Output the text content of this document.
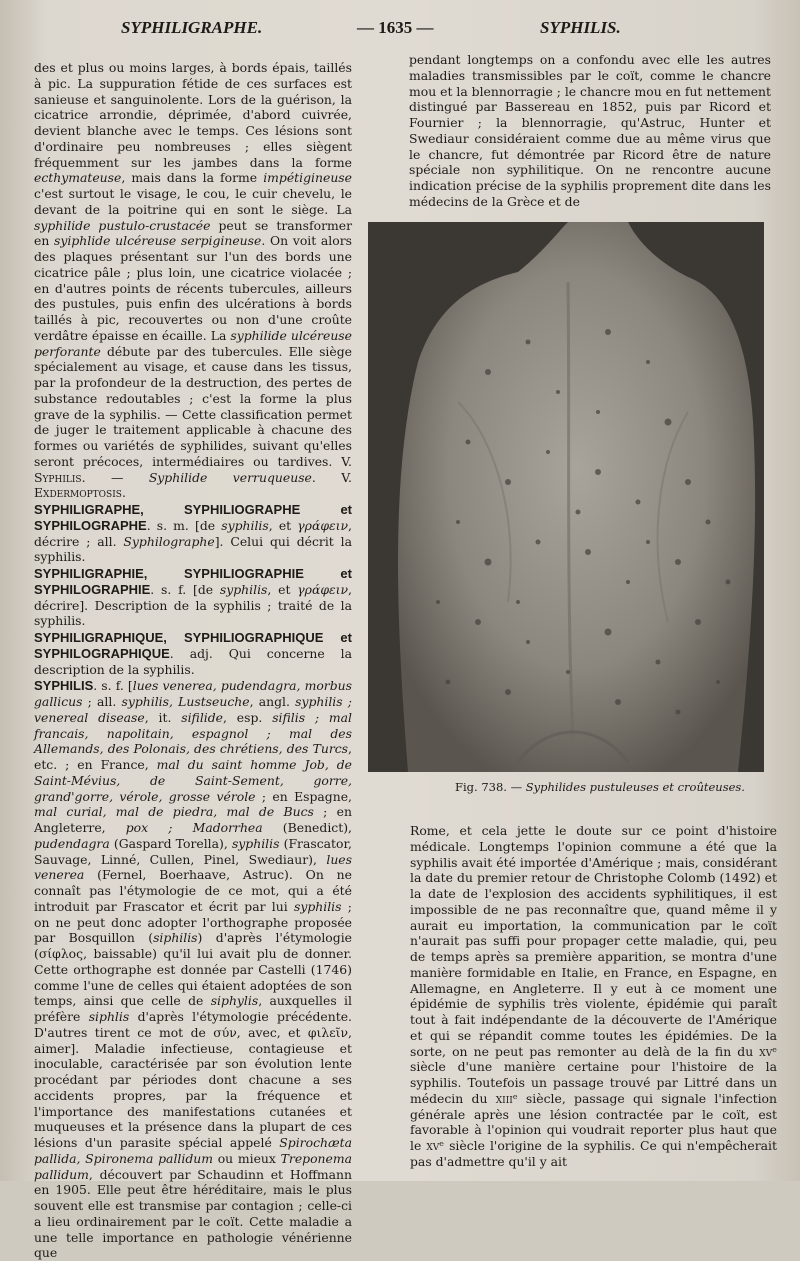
SYPHILIGRAPHE.	— 1635 —	SYPHILIS.

des et plus ou moins larges, à bords épais, taillés à pic. La suppuration fétide de ces surfaces est sanieuse et sanguinolente. Lors de la guérison, la cicatrice arrondie, déprimée, d'abord cuivrée, devient blanche avec le temps. Ces lésions sont d'ordinaire peu nombreuses ; elles siègent fréquemment sur les jambes dans la forme ecthymateuse, mais dans la forme impétigineuse c'est surtout le visage, le cou, le cuir chevelu, le devant de la poitrine qui en sont le siège. La syphilide pustulo-crustacée peut se transformer en syiphlide ulcéreuse serpigineuse. On voit alors des plaques présentant sur l'un des bords une cicatrice pâle ; plus loin, une cicatrice violacée ; en d'autres points de récents tubercules, ailleurs des pustules, puis enfin des ulcérations à bords taillés à pic, recouvertes ou non d'une croûte verdâtre épaisse en écaille. La syphilide ulcéreuse perforante débute par des tubercules. Elle siège spécialement au visage, et cause dans les tissus, par la profondeur de la destruction, des pertes de substance redoutables ; c'est la forme la plus grave de la syphilis. — Cette classification permet de juger le traitement applicable à chacune des formes ou variétés de syphilides, suivant qu'elles seront précoces, intermédiaires ou tardives. V. Syphilis. — Syphilide verruqueuse. V. Exdermoptosis.

SYPHILIGRAPHE, SYPHILIOGRAPHE et SYPHILOGRAPHE. s. m. [de syphilis, et γράφειν, décrire ; all. Syphilographe]. Celui qui décrit la syphilis.

SYPHILIGRAPHIE, SYPHILIOGRAPHIE et SYPHILOGRAPHIE. s. f. [de syphilis, et γράφειν, décrire]. Description de la syphilis ; traité de la syphilis.

SYPHILIGRAPHIQUE, SYPHILIOGRAPHIQUE et SYPHILOGRAPHIQUE. adj. Qui concerne la description de la syphilis.

SYPHILIS. s. f. [lues venerea, pudendagra, morbus gallicus ; all. syphilis, Lustseuche, angl. syphilis ; venereal disease, it. sifilide, esp. sifilis ; mal francais, napolitain, espagnol ; mal des Allemands, des Polonais, des chrétiens, des Turcs, etc. ; en France, mal du saint homme Job, de Saint-Mévius, de Saint-Sement, gorre, grand'gorre, vérole, grosse vérole ; en Espagne, mal curial, mal de piedra, mal de Bucs ; en Angleterre, pox ; Madorrhea (Benedict), pudendagra (Gaspard Torella), syphilis (Frascator, Sauvage, Linné, Cullen, Pinel, Swediaur), lues venerea (Fernel, Boerhaave, Astruc). On ne connaît pas l'étymologie de ce mot, qui a été introduit par Frascator et écrit par lui syphilis ; on ne peut donc adopter l'orthographe proposée par Bosquillon (siphilis) d'après l'étymologie (σίφλος, baissable) qu'il lui avait plu de donner. Cette orthographe est donnée par Castelli (1746) comme l'une de celles qui étaient adoptées de son temps, ainsi que celle de siphylis, auxquelles il préfère siphlis d'après l'étymologie précédente. D'autres tirent ce mot de σύν, avec, et φιλεῖν, aimer]. Maladie infectieuse, contagieuse et inoculable, caractérisée par son évolution lente procédant par périodes dont chacune a ses accidents propres, par la fréquence et l'importance des manifestations cutanées et muqueuses et la présence dans la plupart de ces lésions d'un parasite spécial appelé Spirochæta pallida, Spironema pallidum ou mieux Treponema pallidum, découvert par Schaudinn et Hoffmann en 1905. Elle peut être héréditaire, mais le plus souvent elle est transmise par contagion ; celle-ci a lieu ordinairement par le coït. Cette maladie a une telle importance en pathologie vénérienne que

pendant longtemps on a confondu avec elle les autres maladies transmissibles par le coït, comme le chancre mou et la blennorragie ; le chancre mou en fut nettement distingué par Bassereau en 1852, puis par Ricord et Fournier ; la blennorragie, qu'Astruc, Hunter et Swediaur considéraient comme due au même virus que le chancre, fut démontrée par Ricord être de nature spéciale non syphilitique. On ne rencontre aucune indication précise de la syphilis proprement dite dans les médecins de la Grèce et de

Fig. 738. — Syphilides pustuleuses et croûteuses.

Rome, et cela jette le doute sur ce point d'histoire médicale. Longtemps l'opinion commune a été que la syphilis avait été importée d'Amérique ; mais, considérant la date du premier retour de Christophe Colomb (1492) et la date de l'explosion des accidents syphilitiques, il est impossible de ne pas reconnaître que, quand même il y aurait eu importation, la communication par le coït n'aurait pas suffi pour propager cette maladie, qui, peu de temps après sa première apparition, se montra d'une manière formidable en Italie, en France, en Espagne, en Allemagne, en Angleterre. Il y eut à ce moment une épidémie de syphilis très violente, épidémie qui paraît tout à fait indépendante de la découverte de l'Amérique et qui se répandit comme toutes les épidémies. De la sorte, on ne peut pas remonter au delà de la fin du xvᵉ siècle d'une manière certaine pour l'histoire de la syphilis. Toutefois un passage trouvé par Littré dans un médecin du xiiiᵉ siècle, passage qui signale l'infection générale après une lésion contractée par le coït, est favorable à l'opinion qui voudrait reporter plus haut que le xvᵉ siècle l'origine de la syphilis. Ce qui n'empêcherait pas d'admettre qu'il y ait
